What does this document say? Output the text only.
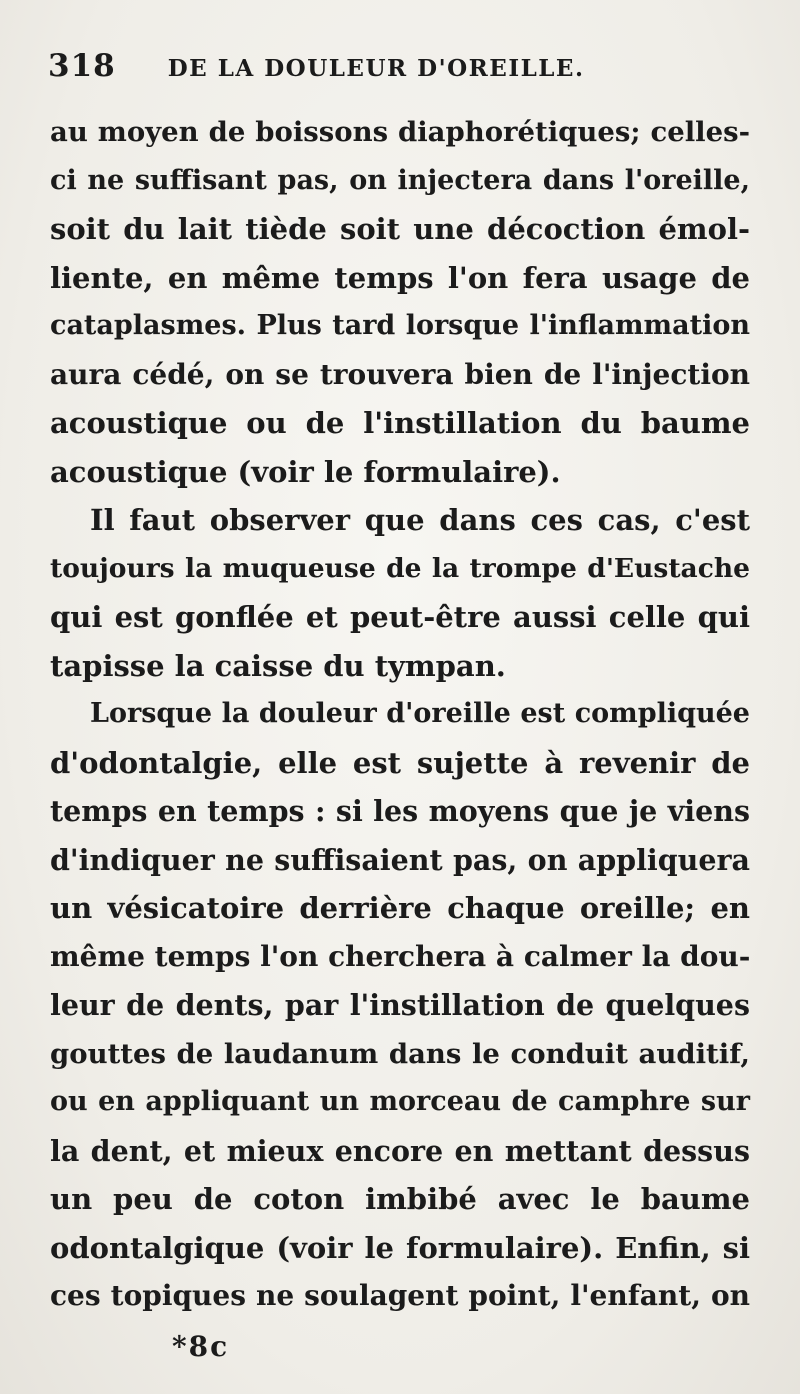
318 DE LA DOULEUR D'OREILLE.
au moyen de boissons diaphorétiques; celles-
ci ne suffisant pas, on injectera dans l'oreille,
soit du lait tiède soit une décoction émol-
liente, en même temps l'on fera usage de
cataplasmes. Plus tard lorsque l'inflammation
aura cédé, on se trouvera bien de l'injection
acoustique ou de l'instillation du baume
acoustique (voir le formulaire).
Il faut observer que dans ces cas, c'est
toujours la muqueuse de la trompe d'Eustache
qui est gonflée et peut-être aussi celle qui
tapisse la caisse du tympan.
Lorsque la douleur d'oreille est compliquée
d'odontalgie, elle est sujette à revenir de
temps en temps : si les moyens que je viens
d'indiquer ne suffisaient pas, on appliquera
un vésicatoire derrière chaque oreille; en
même temps l'on cherchera à calmer la dou-
leur de dents, par l'instillation de quelques
gouttes de laudanum dans le conduit auditif,
ou en appliquant un morceau de camphre sur
la dent, et mieux encore en mettant dessus
un peu de coton imbibé avec le baume
odontalgique (voir le formulaire). Enfin, si
ces topiques ne soulagent point, l'enfant, on
*8c
